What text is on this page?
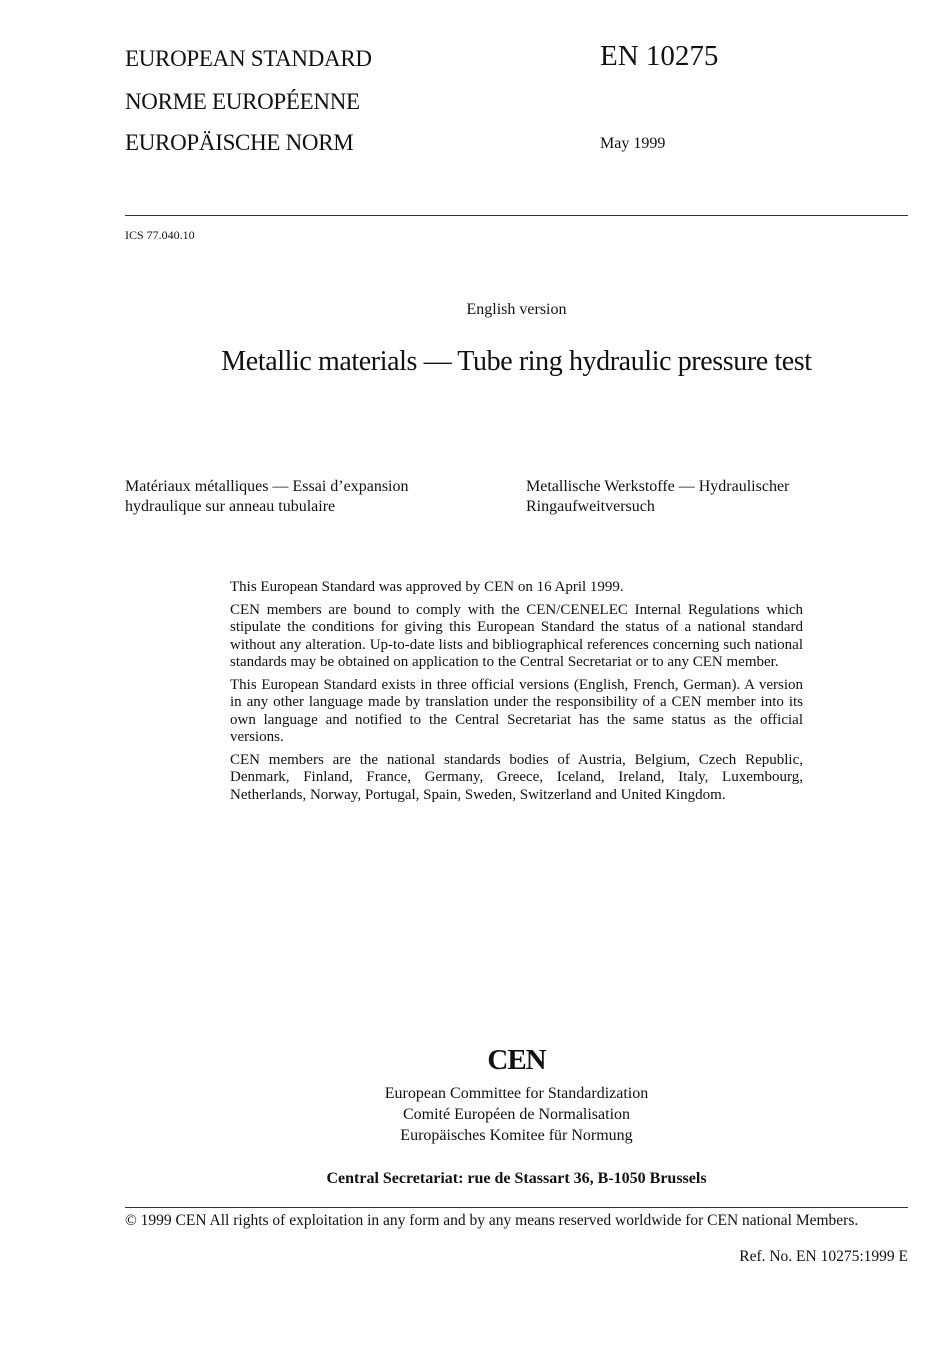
EUROPEAN STANDARD
NORME EUROPÉENNE
EUROPÄISCHE NORM
EN 10275
May 1999
ICS 77.040.10
English version
Metallic materials — Tube ring hydraulic pressure test
Matériaux métalliques — Essai d’expansion
hydraulique sur anneau tubulaire
Metallische Werkstoffe — Hydraulischer
Ringaufweitversuch

This European Standard was approved by CEN on 16 April 1999.

CEN members are bound to comply with the CEN/CENELEC Internal Regulations which stipulate the conditions for giving this European Standard the status of a national standard without any alteration. Up-to-date lists and bibliographical references concerning such national standards may be obtained on application to the Central Secretariat or to any CEN member.

This European Standard exists in three official versions (English, French, German). A version in any other language made by translation under the responsibility of a CEN member into its own language and notified to the Central Secretariat has the same status as the official versions.

CEN members are the national standards bodies of Austria, Belgium, Czech Republic, Denmark, Finland, France, Germany, Greece, Iceland, Ireland, Italy, Luxembourg, Netherlands, Norway, Portugal, Spain, Sweden, Switzerland and United Kingdom.

CEN
European Committee for Standardization
Comité Européen de Normalisation
Europäisches Komitee für Normung
Central Secretariat: rue de Stassart 36, B-1050 Brussels
© 1999 CEN All rights of exploitation in any form and by any means reserved worldwide for CEN national Members.
Ref. No. EN 10275:1999 E
